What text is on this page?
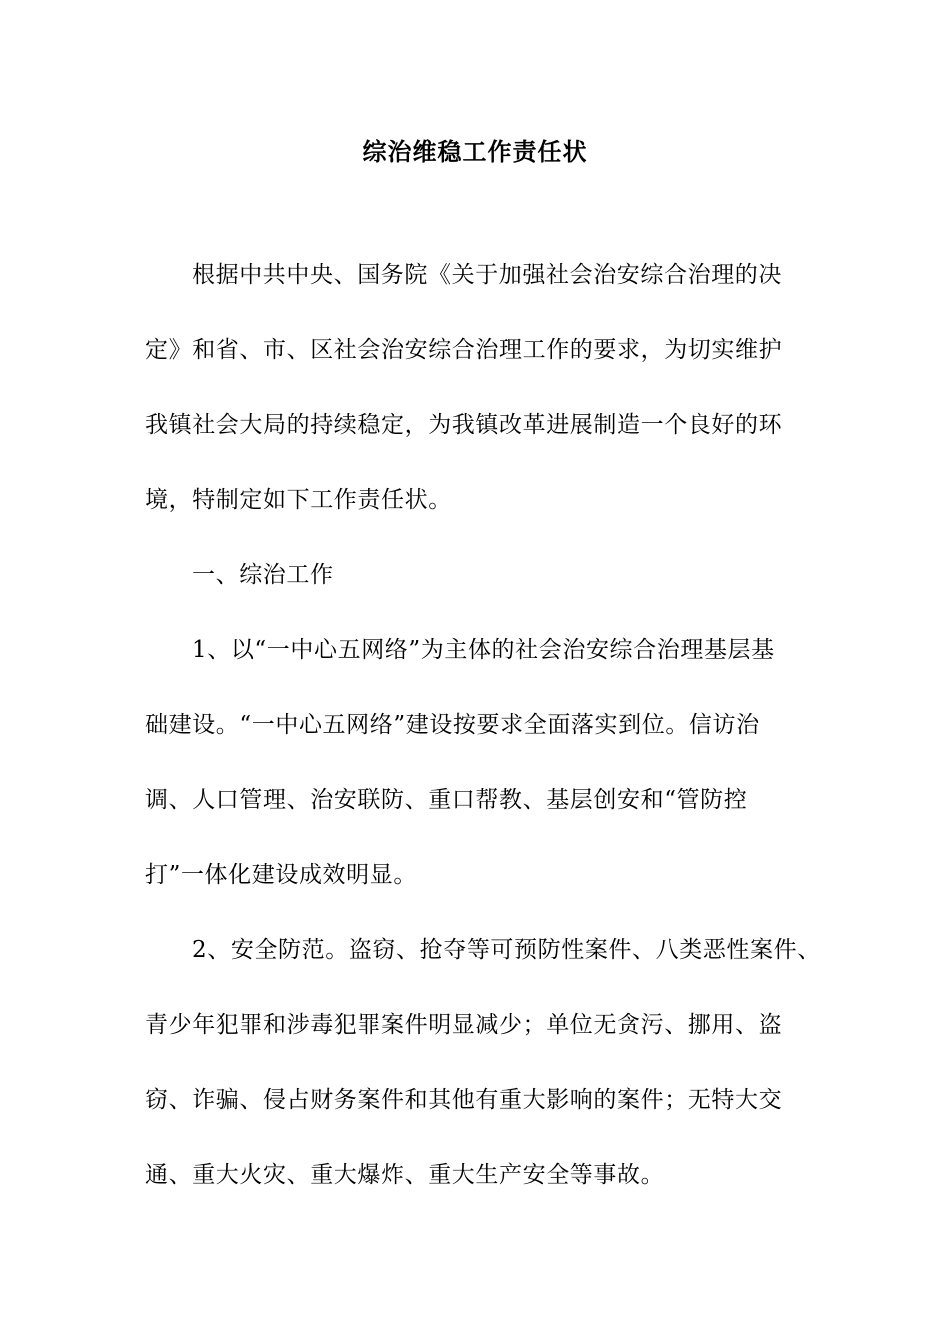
综治维稳工作责任状
根据中共中央、国务院《关于加强社会治安综合治理的决
定》和省、市、区社会治安综合治理工作的要求，为切实维护
我镇社会大局的持续稳定，为我镇改革进展制造一个良好的环
境，特制定如下工作责任状。
一、综治工作
1、以“一中心五网络”为主体的社会治安综合治理基层基
础建设。“一中心五网络”建设按要求全面落实到位。信访治
调、人口管理、治安联防、重口帮教、基层创安和“管防控
打”一体化建设成效明显。
2、安全防范。盗窃、抢夺等可预防性案件、八类恶性案件、
青少年犯罪和涉毒犯罪案件明显减少；单位无贪污、挪用、盗
窃、诈骗、侵占财务案件和其他有重大影响的案件；无特大交
通、重大火灾、重大爆炸、重大生产安全等事故。
